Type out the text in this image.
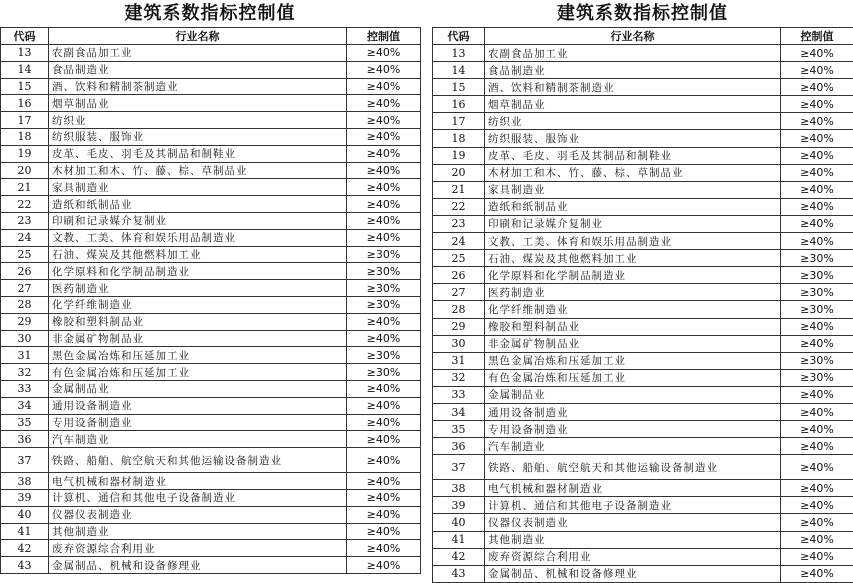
建筑系数指标控制值
代码	行业名称	控制值
13	农副食品加工业	≥40%
14	食品制造业	≥40%
15	酒、饮料和精制茶制造业	≥40%
16	烟草制品业	≥40%
17	纺织业	≥40%
18	纺织服装、服饰业	≥40%
19	皮革、毛皮、羽毛及其制品和制鞋业	≥40%
20	木材加工和木、竹、藤、棕、草制品业	≥40%
21	家具制造业	≥40%
22	造纸和纸制品业	≥40%
23	印刷和记录媒介复制业	≥40%
24	文教、工美、体育和娱乐用品制造业	≥40%
25	石油、煤炭及其他燃料加工业	≥30%
26	化学原料和化学制品制造业	≥30%
27	医药制造业	≥30%
28	化学纤维制造业	≥30%
29	橡胶和塑料制品业	≥40%
30	非金属矿物制品业	≥40%
31	黑色金属冶炼和压延加工业	≥30%
32	有色金属冶炼和压延加工业	≥30%
33	金属制品业	≥40%
34	通用设备制造业	≥40%
35	专用设备制造业	≥40%
36	汽车制造业	≥40%
37	铁路、船舶、航空航天和其他运输设备制造业	≥40%
38	电气机械和器材制造业	≥40%
39	计算机、通信和其他电子设备制造业	≥40%
40	仪器仪表制造业	≥40%
41	其他制造业	≥40%
42	废弃资源综合利用业	≥40%
43	金属制品、机械和设备修理业	≥40%
建筑系数指标控制值
代码	行业名称	控制值
13	农副食品加工业	≥40%
14	食品制造业	≥40%
15	酒、饮料和精制茶制造业	≥40%
16	烟草制品业	≥40%
17	纺织业	≥40%
18	纺织服装、服饰业	≥40%
19	皮革、毛皮、羽毛及其制品和制鞋业	≥40%
20	木材加工和木、竹、藤、棕、草制品业	≥40%
21	家具制造业	≥40%
22	造纸和纸制品业	≥40%
23	印刷和记录媒介复制业	≥40%
24	文教、工美、体育和娱乐用品制造业	≥40%
25	石油、煤炭及其他燃料加工业	≥30%
26	化学原料和化学制品制造业	≥30%
27	医药制造业	≥30%
28	化学纤维制造业	≥30%
29	橡胶和塑料制品业	≥40%
30	非金属矿物制品业	≥40%
31	黑色金属冶炼和压延加工业	≥30%
32	有色金属冶炼和压延加工业	≥30%
33	金属制品业	≥40%
34	通用设备制造业	≥40%
35	专用设备制造业	≥40%
36	汽车制造业	≥40%
37	铁路、船舶、航空航天和其他运输设备制造业	≥40%
38	电气机械和器材制造业	≥40%
39	计算机、通信和其他电子设备制造业	≥40%
40	仪器仪表制造业	≥40%
41	其他制造业	≥40%
42	废弃资源综合利用业	≥40%
43	金属制品、机械和设备修理业	≥40%
